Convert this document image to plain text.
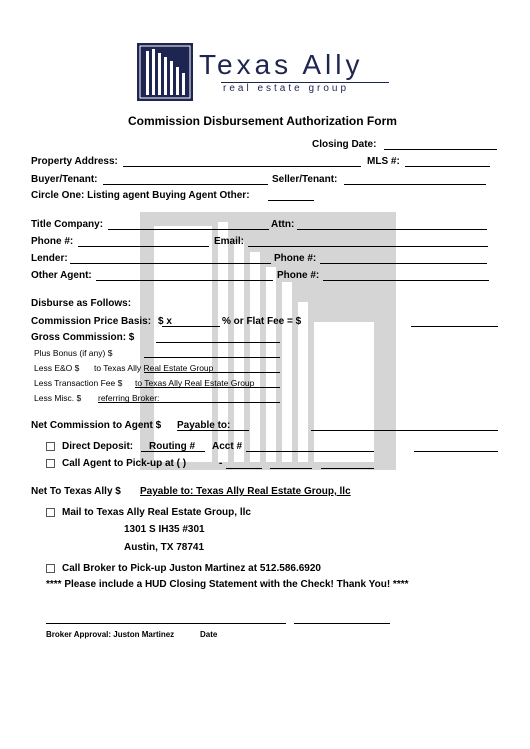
Texas Ally
real estate group
Commission Disbursement Authorization Form
Closing Date:
Property Address:	MLS #:
Buyer/Tenant:	Seller/Tenant:
Circle One: Listing agent Buying Agent Other:
Title Company:	Attn:
Phone #:	Email:
Lender:	Phone #:
Other Agent:	Phone #:
Disburse as Follows:
Commission Price Basis: $ x	% or Flat Fee = $
Gross Commission: $
Plus Bonus (if any) $
Less E&O $ to Texas Ally Real Estate Group
Less Transaction Fee $ to Texas Ally Real Estate Group
Less Misc. $ referring Broker:
Net Commission to Agent $ Payable to:
Direct Deposit: Routing # Acct #
Call Agent to Pick-up at ( )	-
Net To Texas Ally $ Payable to: Texas Ally Real Estate Group, llc
Mail to Texas Ally Real Estate Group, llc
1301 S IH35 #301
Austin, TX 78741
Call Broker to Pick-up Juston Martinez at 512.586.6920
**** Please include a HUD Closing Statement with the Check! Thank You! ****
Broker Approval: Juston Martinez	Date
